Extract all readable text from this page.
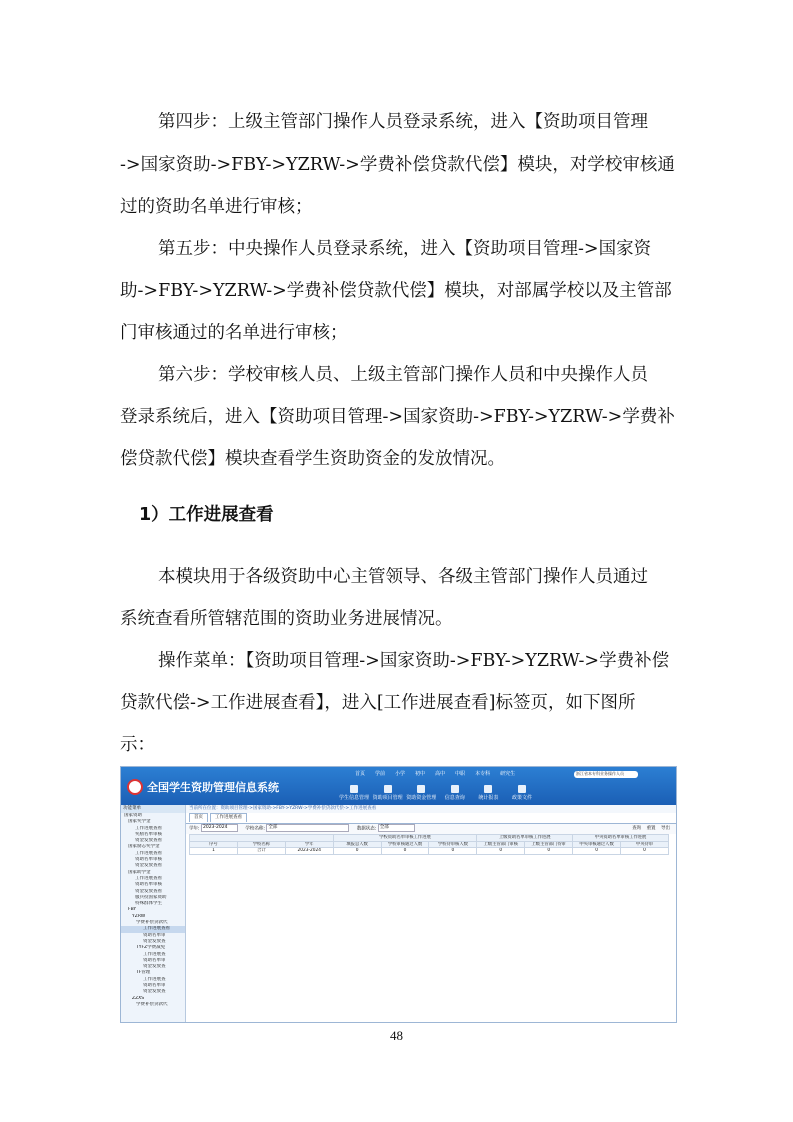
第四步：上级主管部门操作人员登录系统，进入【资助项目管理
->国家资助->FBY->YZRW->学费补偿贷款代偿】模块，对学校审核通
过的资助名单进行审核；
第五步：中央操作人员登录系统，进入【资助项目管理->国家资
助->FBY->YZRW->学费补偿贷款代偿】模块，对部属学校以及主管部
门审核通过的名单进行审核；
第六步：学校审核人员、上级主管部门操作人员和中央操作人员
登录系统后，进入【资助项目管理->国家资助->FBY->YZRW->学费补
偿贷款代偿】模块查看学生资助资金的发放情况。
1）工作进展查看
本模块用于各级资助中心主管领导、各级主管部门操作人员通过
系统查看所管辖范围的资助业务进展情况。
操作菜单：【资助项目管理->国家资助->FBY->YZRW->学费补偿
贷款代偿->工作进展查看】，进入[工作进展查看]标签页，如下图所
示：
全国学生资助管理信息系统
首页 学前 小学 初中 高中 中职 本专科 研究生	浙江省本专科业务操作人员
学生信息管理 资助项目管理 资助资金管理 信息查询	统计报表	政策文件
功能菜单
国家资助
国家奖学金
工作进展查看
奖励名单审核
资金发放查看
国家励志奖学金
工作进展查看
资助名单审核
资金发放查看
国家助学金
工作进展查看
资助名单审核
资金发放查看
服兵役国家资助
特殊群体学生
FBY
YZRW
学费补偿贷款代
工作进展查看
资助名单审
资金发放查
TYFZ学费减免
工作进展查
资助名单审
资金发放查
TF管理
工作进展查
资助名单审
资金发放查
ZZXS
学费补偿贷款代
当前所在位置：资助项目管理->国家资助->FBY->YZRW->学费补偿贷款代偿->工作进展查看
首页	工作进展查看
学年: 2023-2024	学校名称: 全部	数据状态: 全部	查询 重置 导出
			学校资助名单审核工作进展			上级资助名单审核工作进展		中央资助名单审核工作进展	
序号	学校名称	学年	填报总人数	学校审核通过人数	学校待审核人数	上级主管部门审核	上级主管部门待审	中央审核通过人数	中央待审
1	合计	2023-2024	0	0	0	0	0	0	0
48
